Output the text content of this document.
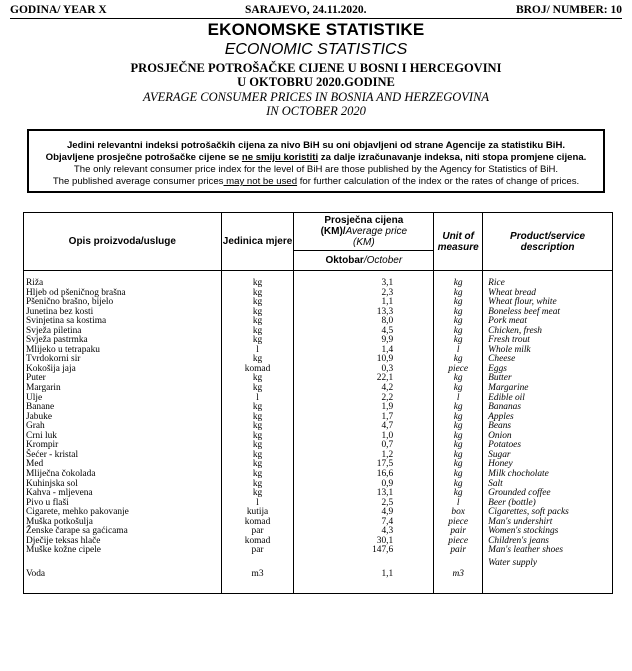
GODINA/ YEAR X	SARAJEVO, 24.11.2020.	BROJ/ NUMBER: 10
EKONOMSKE STATISTIKE
ECONOMIC STATISTICS
PROSJEČNE POTROŠAČKE CIJENE U BOSNI I HERCEGOVINI
U OKTOBRU 2020.GODINE
AVERAGE CONSUMER PRICES IN BOSNIA AND HERZEGOVINA
IN OCTOBER 2020
Jedini relevantni indeksi potrošačkih cijena za nivo BiH su oni objavljeni od strane Agencije za statistiku BiH.
Objavljene prosječne potrošačke cijene se ne smiju koristiti za dalje izračunavanje indeksa, niti stopa promjene cijena.
The only relevant consumer price index for the level of BiH are those published by the Agency for Statistics of BiH.
The published average consumer prices may not be used for further calculation of the index or the rates of change of prices.
Opis proizvoda/usluge	Jedinica mjere	Prosječna cijena
(KM)/Average price
(KM)	Unit of measure	Product/service description
		Oktobar/October		
Riža	kg	3,1	kg	Rice
Hljeb od pšeničnog brašna	kg	2,3	kg	Wheat bread
Pšenično brašno, bijelo	kg	1,1	kg	Wheat flour, white
Junetina bez kosti	kg	13,3	kg	Boneless beef meat
Svinjetina sa kostima	kg	8,0	kg	Pork meat
Svježa piletina	kg	4,5	kg	Chicken, fresh
Svježa pastrmka	kg	9,9	kg	Fresh trout
Mlijeko u tetrapaku	l	1,4	l	Whole milk
Tvrdokorni sir	kg	10,9	kg	Cheese
Kokošija jaja	komad	0,3	piece	Eggs
Puter	kg	22,1	kg	Butter
Margarin	kg	4,2	kg	Margarine
Ulje	l	2,2	l	Edible oil
Banane	kg	1,9	kg	Bananas
Jabuke	kg	1,7	kg	Apples
Grah	kg	4,7	kg	Beans
Crni luk	kg	1,0	kg	Onion
Krompir	kg	0,7	kg	Potatoes
Šećer - kristal	kg	1,2	kg	Sugar
Med	kg	17,5	kg	Honey
Mliječna čokolada	kg	16,6	kg	Milk chocholate
Kuhinjska sol	kg	0,9	kg	Salt
Kahva - mljevena	kg	13,1	kg	Grounded coffee
Pivo u flaši	l	2,5	l	Beer (bottle)
Cigarete, mehko pakovanje	kutija	4,9	box	Cigarettes, soft packs
Muška potkošulja	komad	7,4	piece	Man's undershirt
Ženske čarape sa gaćicama	par	4,3	pair	Women's stockings
Dječije teksas hlače	komad	30,1	piece	Children's jeans
Muške kožne cipele	par	147,6	pair	Man's leather shoes
Voda	m3	1,1	m3	Water supply
